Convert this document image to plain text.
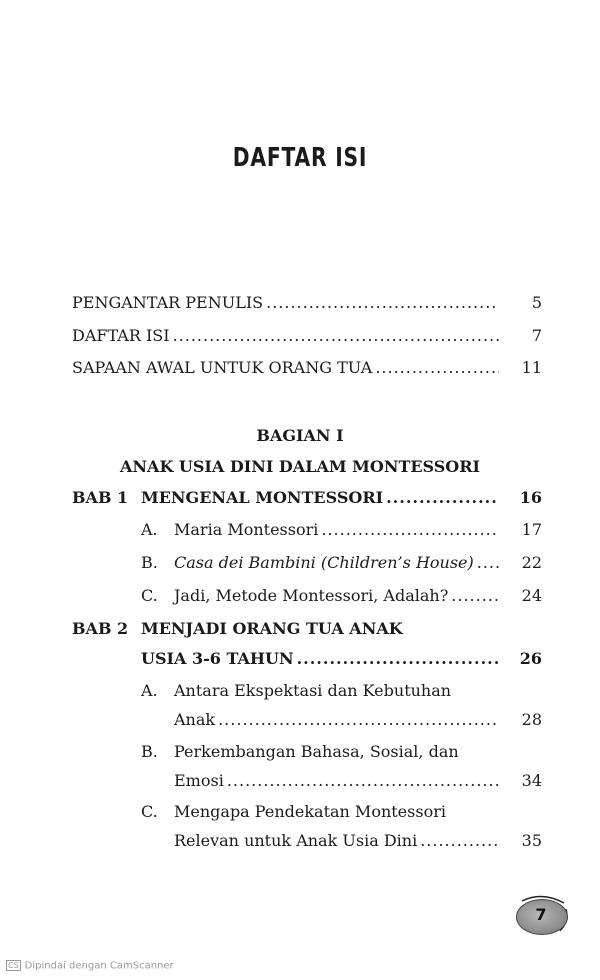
DAFTAR ISI
PENGANTAR PENULIS .....	5
DAFTAR ISI .....	7
SAPAAN AWAL UNTUK ORANG TUA .....	11
BAGIAN I
ANAK USIA DINI DALAM MONTESSORI
BAB 1 MENGENAL MONTESSORI .....	16
A. Maria Montessori .....	17
B. Casa dei Bambini (Children’s House) .....	22
C. Jadi, Metode Montessori, Adalah? .....	24
BAB 2 MENJADI ORANG TUA ANAK
USIA 3-6 TAHUN .....	26
A. Antara Ekspektasi dan Kebutuhan
Anak .....	28
B. Perkembangan Bahasa, Sosial, dan
Emosi .....	34
C. Mengapa Pendekatan Montessori
Relevan untuk Anak Usia Dini .....	35
7
CS Dipindai dengan CamScanner
